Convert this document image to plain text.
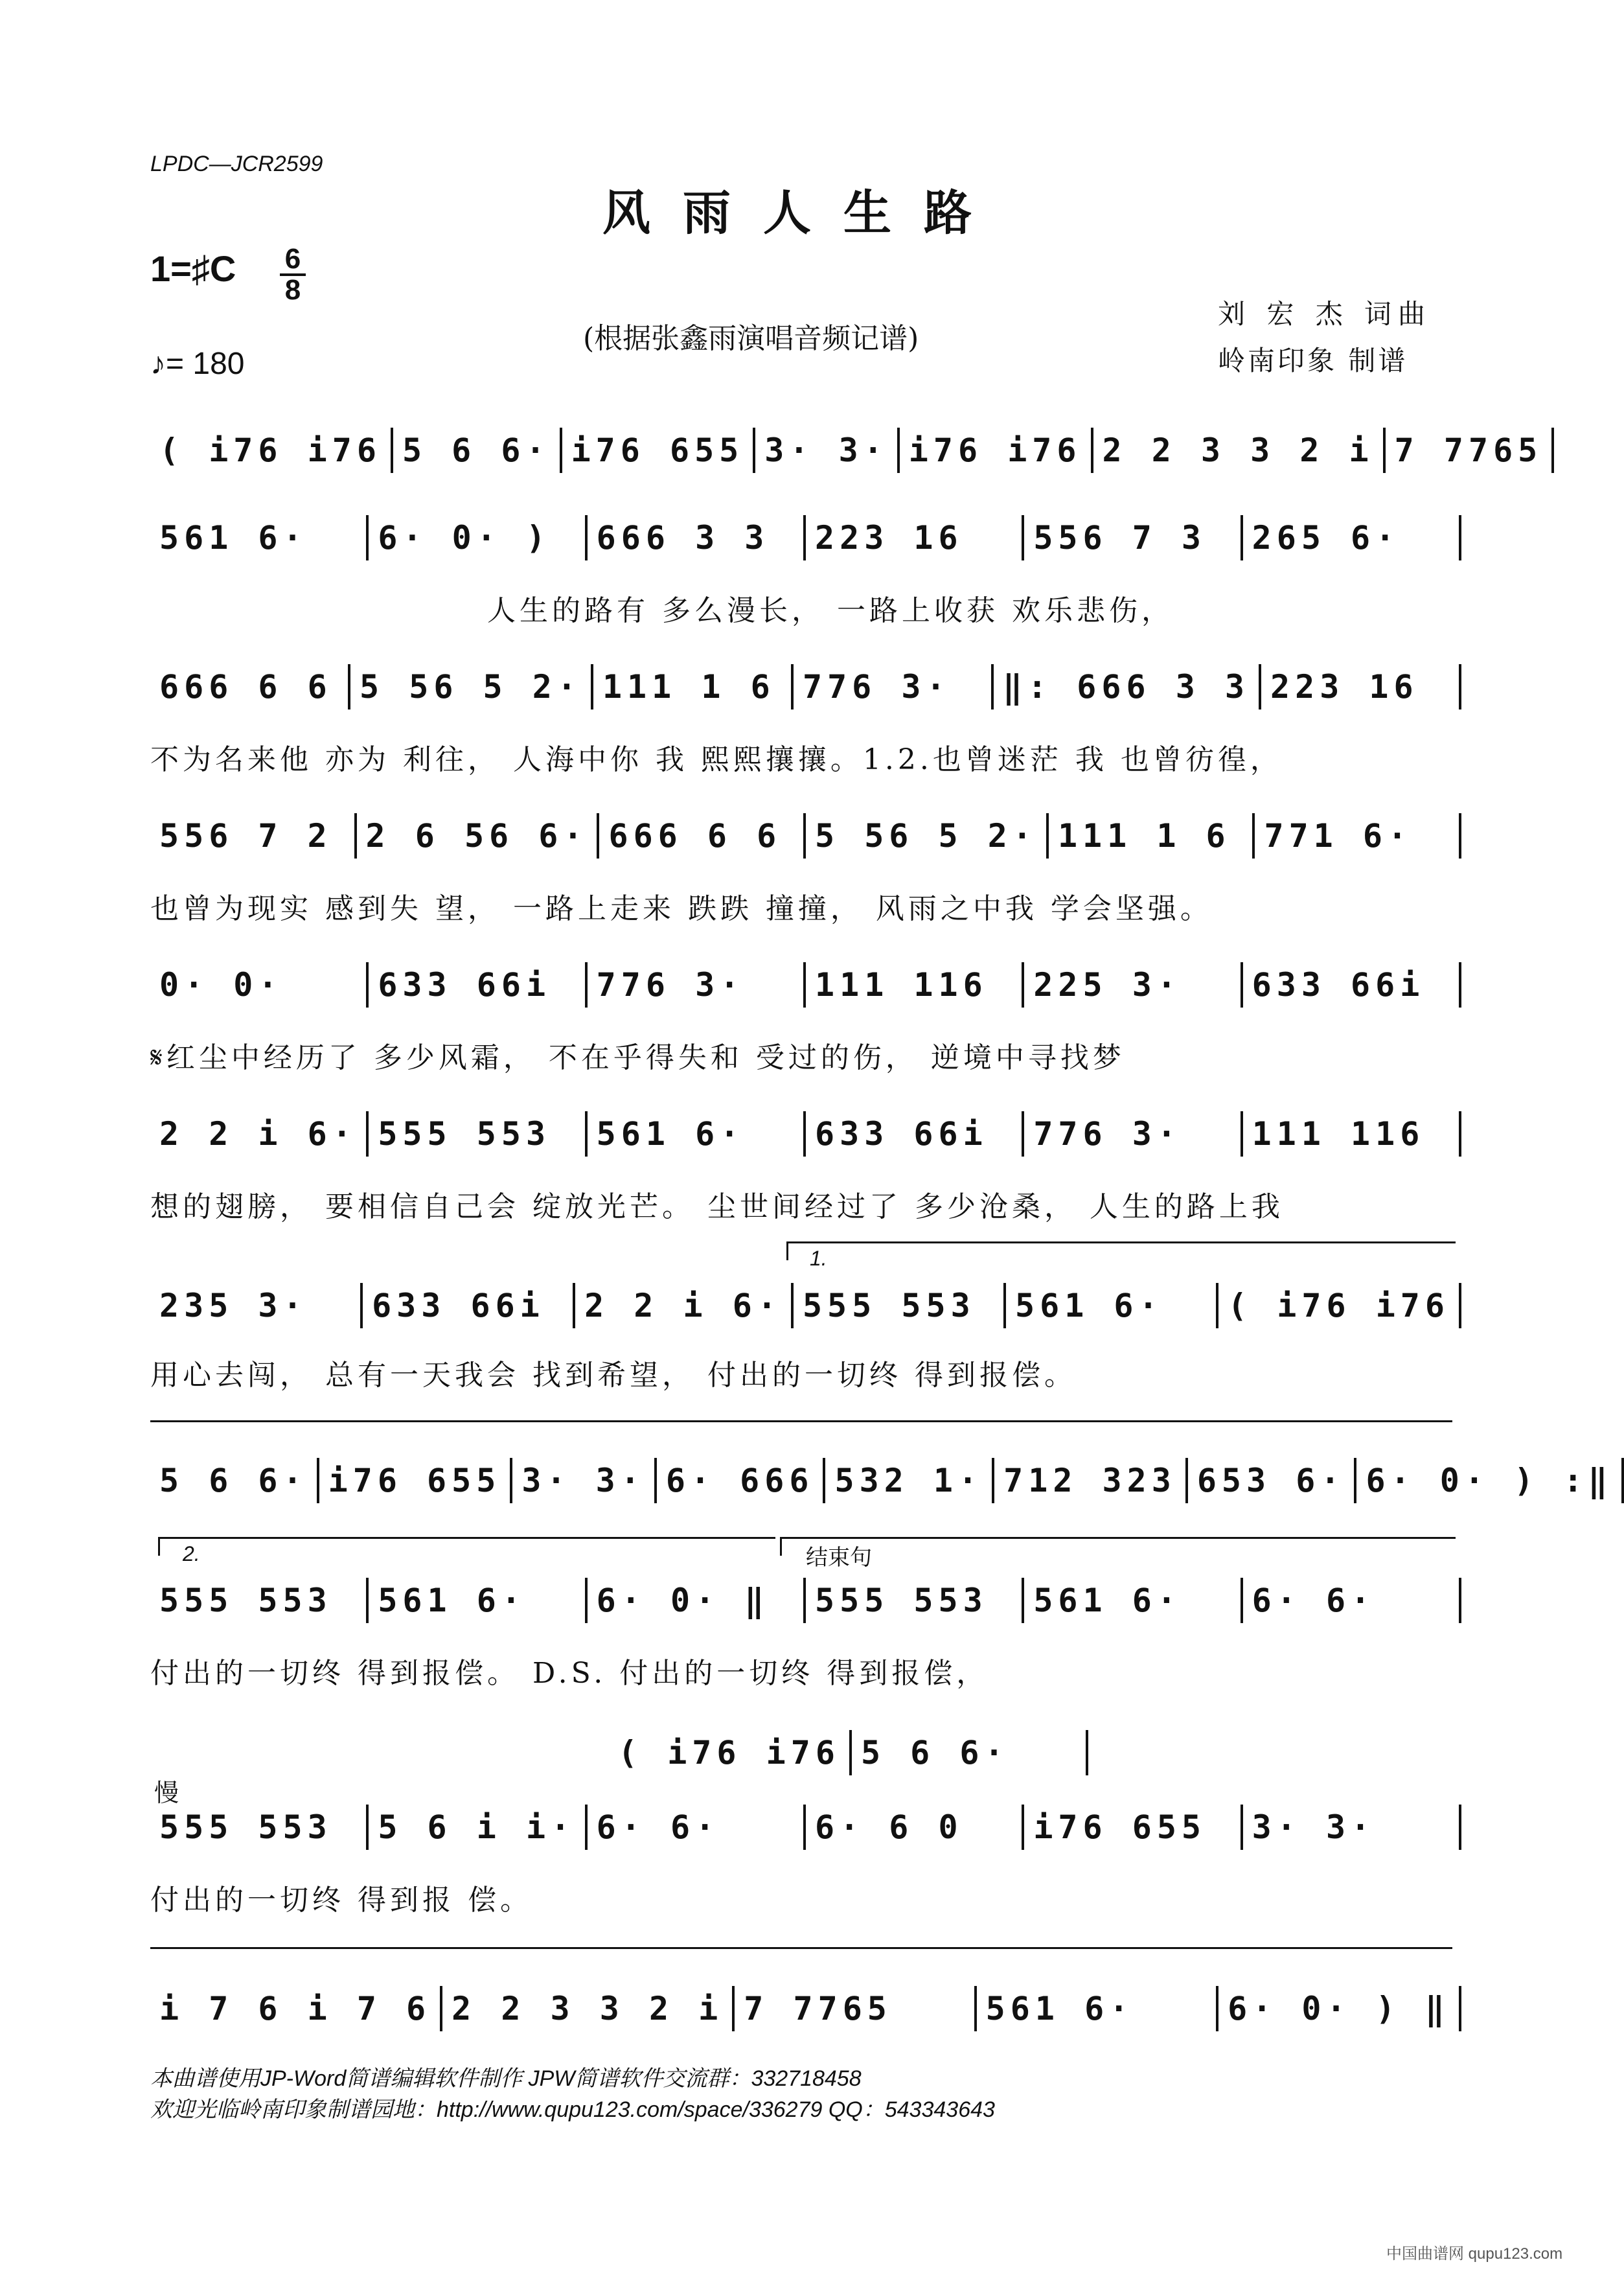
LPDC—JCR2599
风雨人生路
1=♯C 6
8
♪= 180
(根据张鑫雨演唱音频记谱)
刘 宏 杰 词曲
岭南印象 制谱
( i76 i76 5 6 6· i76 655 3· 3· i76 i76 2 2 3 3 2 i 7 7765
561 6·	6· 0· )	666 3 3	223 16	556 7 3	265 6·
人生的路有 多么漫长， 一路上收获 欢乐悲伤，
666 6 6 5 56 5 2· 111 1 6 776 3·	‖: 666 3 3 223 16
不为名来他 亦为 利往， 人海中你 我 熙熙攘攘。1.2.也曾迷茫 我 也曾彷徨，
556 7 2	2 6 56 6· 666 6 6	5 56 5 2· 111 1 6	771 6·
也曾为现实 感到失 望， 一路上走来 跌跌 撞撞， 风雨之中我 学会坚强。
0· 0·	633 66i	776 3·	111 116	225 3·	633 66i
𝄋红尘中经历了 多少风霜， 不在乎得失和 受过的伤， 逆境中寻找梦
2 2 i 6· 555 553	561 6·	633 66i	776 3·	111 116
想的翅膀， 要相信自己会 绽放光芒。 尘世间经过了 多少沧桑， 人生的路上我
1.
235 3·	633 66i	2 2 i 6· 555 553	561 6·	( i76 i76
用心去闯， 总有一天我会 找到希望， 付出的一切终 得到报偿。
5 6 6· i76 655 3· 3· 6· 666 532 1· 712 323 653 6· 6· 0· ) :‖
2.	结束句
555 553	561 6·	6· 0· ‖	555 553	561 6·	6· 6·
付出的一切终 得到报偿。 D.S. 付出的一切终 得到报偿，
( i76 i76 5 6 6·
慢
555 553	5 6 i i· 6· 6·	6· 6 0	i76 655	3· 3·
付出的一切终 得到报 偿。
i 7 6 i 7 6 2 2 3 3 2 i 7 7765	561 6·	6· 0· ) ‖
本曲谱使用JP-Word简谱编辑软件制作 JPW简谱软件交流群：332718458
欢迎光临岭南印象制谱园地：http://www.qupu123.com/space/336279 QQ：543343643
中国曲谱网 qupu123.com
